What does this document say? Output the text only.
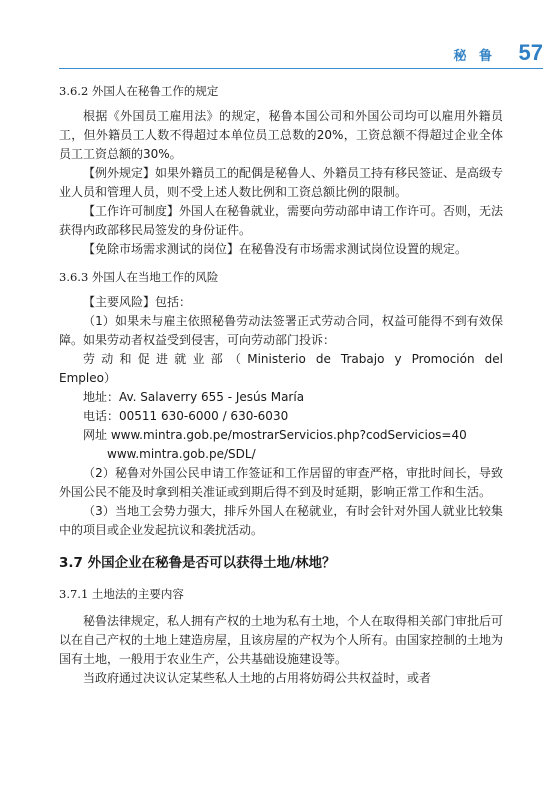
秘 鲁 57
3.6.2 外国人在秘鲁工作的规定

根据《外国员工雇用法》的规定，秘鲁本国公司和外国公司均可以雇用外籍员工，但外籍员工人数不得超过本单位员工总数的20%，工资总额不得超过企业全体员工工资总额的30%。

【例外规定】如果外籍员工的配偶是秘鲁人、外籍员工持有移民签证、是高级专业人员和管理人员，则不受上述人数比例和工资总额比例的限制。

【工作许可制度】外国人在秘鲁就业，需要向劳动部申请工作许可。否则，无法获得内政部移民局签发的身份证件。

【免除市场需求测试的岗位】在秘鲁没有市场需求测试岗位设置的规定。

3.6.3 外国人在当地工作的风险

【主要风险】包括：

（1）如果未与雇主依照秘鲁劳动法签署正式劳动合同，权益可能得不到有效保障。如果劳动者权益受到侵害，可向劳动部门投诉：

劳动和促进就业部（Ministerio de Trabajo y Promoción del

Empleo）

地址：Av. Salaverry 655 - Jesús María

电话：00511 630-6000 / 630-6030

网址 www.mintra.gob.pe/mostrarServicios.php?codServicios=40

www.mintra.gob.pe/SDL/

（2）秘鲁对外国公民申请工作签证和工作居留的审查严格，审批时间长，导致外国公民不能及时拿到相关准证或到期后得不到及时延期，影响正常工作和生活。

（3）当地工会势力强大，排斥外国人在秘就业，有时会针对外国人就业比较集中的项目或企业发起抗议和袭扰活动。

3.7 外国企业在秘鲁是否可以获得土地/林地？
3.7.1 土地法的主要内容

秘鲁法律规定，私人拥有产权的土地为私有土地，个人在取得相关部门审批后可以在自己产权的土地上建造房屋，且该房屋的产权为个人所有。由国家控制的土地为国有土地，一般用于农业生产，公共基础设施建设等。

当政府通过决议认定某些私人土地的占用将妨碍公共权益时，或者
